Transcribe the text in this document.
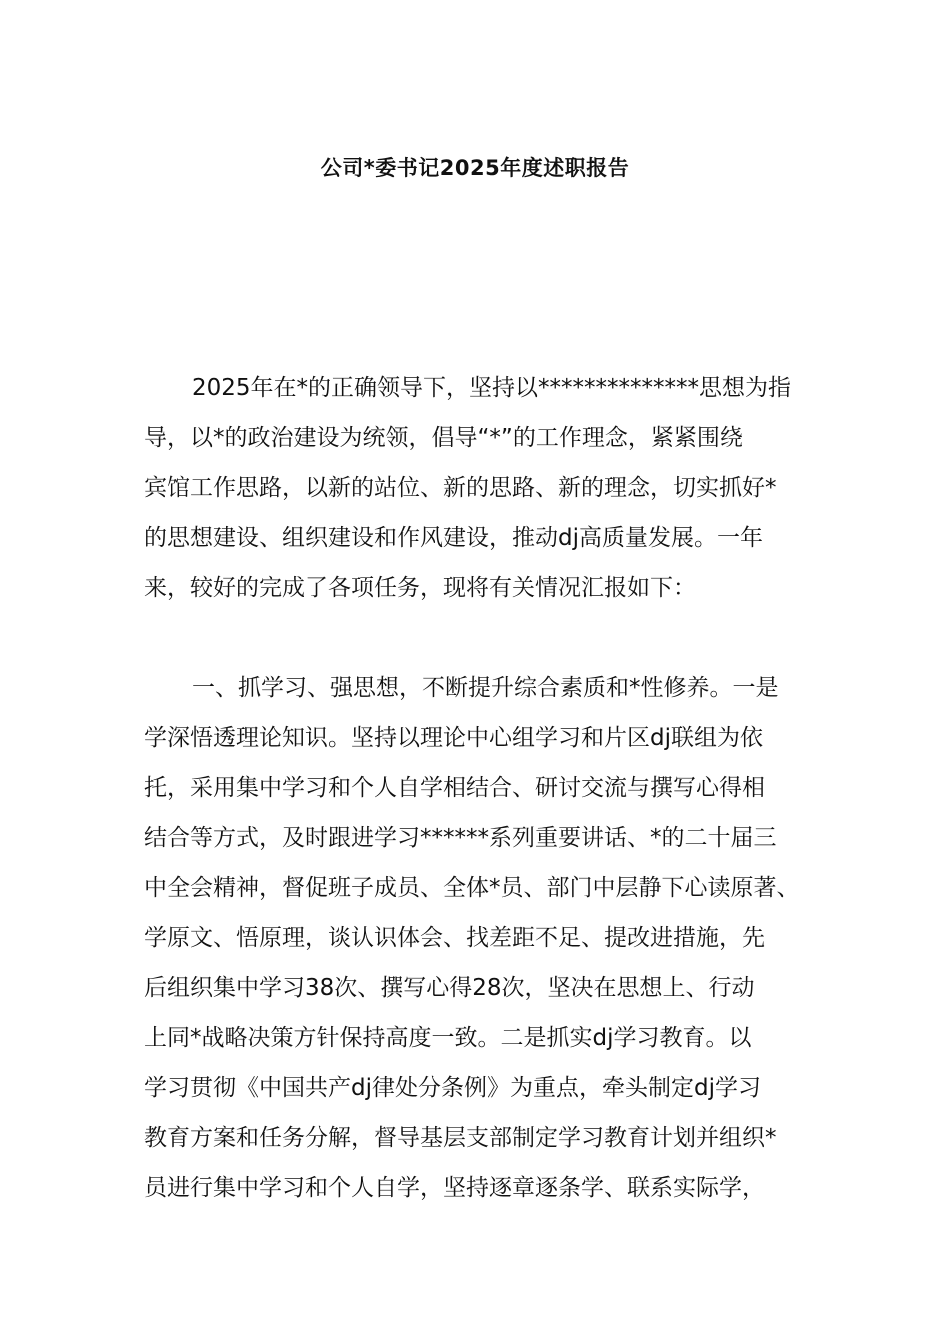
公司*委书记2025年度述职报告
2025年在*的正确领导下，坚持以**************思想为指
导，以*的政治建设为统领，倡导“*”的工作理念，紧紧围绕
宾馆工作思路，以新的站位、新的思路、新的理念，切实抓好*
的思想建设、组织建设和作风建设，推动dj高质量发展。一年
来，较好的完成了各项任务，现将有关情况汇报如下：
一、抓学习、强思想，不断提升综合素质和*性修养。一是
学深悟透理论知识。坚持以理论中心组学习和片区dj联组为依
托，采用集中学习和个人自学相结合、研讨交流与撰写心得相
结合等方式，及时跟进学习******系列重要讲话、*的二十届三
中全会精神，督促班子成员、全体*员、部门中层静下心读原著、
学原文、悟原理，谈认识体会、找差距不足、提改进措施，先
后组织集中学习38次、撰写心得28次，坚决在思想上、行动
上同*战略决策方针保持高度一致。二是抓实dj学习教育。以
学习贯彻《中国共产dj律处分条例》为重点，牵头制定dj学习
教育方案和任务分解，督导基层支部制定学习教育计划并组织*
员进行集中学习和个人自学，坚持逐章逐条学、联系实际学，
